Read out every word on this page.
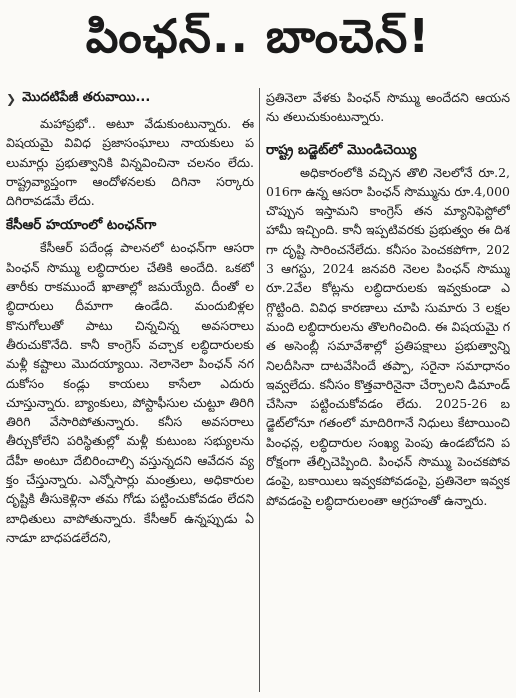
పింఛన్.. బాంచెన్!
❯ మొదటిపేజీ తరువాయి...

మహాప్రభో.. అటూ వేడుకుంటున్నారు. ఈ విషయమై వివిధ ప్రజాసంఘాలు నాయకులు పలుమార్లు ప్రభుత్వానికి విన్నవించినా చలనం లేదు. రాష్ట్రవ్యాప్తంగా ఆందోళనలకు దిగినా సర్కారు దిగిరావడమే లేదు.

కేసీఆర్ హయాంలో టంఛన్‌గా

కేసీఆర్ పదేండ్ల పాలనలో టంఛన్‌గా ఆసరా పింఛన్ సొమ్ము లబ్ధిదారుల చేతికి అందేది. ఒకటో తారీకు రాకముందే ఖాతాల్లో జమయ్యేది. దీంతో లబ్ధిదారులు దీమాగా ఉండేది. మందుబిళ్లల కొనుగోలుతో పాటు చిన్నచిన్న అవసరాలు తీరుచుకొనేది. కానీ కాంగ్రెస్ వచ్చాక లబ్ధిదారులకు మళ్లీ కష్టాలు మొదయ్యాయి. నెలానెలా పింఛన్ నగదుకోసం కండ్లు కాయలు కాసేలా ఎదురు చూస్తున్నారు. బ్యాంకులు, పోస్టాఫీసుల చుట్టూ తిరిగి తిరిగి వేసారిపోతున్నారు. కనీస అవసరాలు తీర్చుకోలేని పరిస్థితుల్లో మళ్లీ కుటుంబ సభ్యులను దేహీ అంటూ దేబిరించాల్సి వస్తున్నదని ఆవేదన వ్యక్తం చేస్తున్నారు. ఎన్నోసార్లు మంత్రులు, అధికారుల దృష్టికి తీసుకెళ్లినా తమ గోడు పట్టించుకోవడం లేదని బాధితులు వాపోతున్నారు. కేసీఆర్ ఉన్నప్పుడు ఏనాడూ బాధపడలేదని,

ప్రతినెలా వేళకు పింఛన్ సొమ్ము అందేదని ఆయనను తలుచుకుంటున్నారు.

రాష్ట్ర బడ్జెట్‌లో మొండిచెయ్యి

అధికారంలోకి వచ్చిన తొలి నెలలోనే రూ.2,016గా ఉన్న ఆసరా పింఛన్ సొమ్మును రూ.4,000 చొప్పున ఇస్తామని కాంగ్రెస్ తన మ్యానిఫెస్టోలో హామీ ఇచ్చింది. కానీ ఇప్పటివరకు ప్రభుత్వం ఈ దిశగా దృష్టి సారించనేలేదు. కనీసం పెంచకపోగా, 2023 ఆగస్టు, 2024 జనవరి నెలల పింఛన్ సొమ్ము రూ.2వేల కోట్లను లబ్ధిదారులకు ఇవ్వకుండా ఎగ్గొట్టింది. వివిధ కారణాలు చూపి సుమారు 3 లక్షల మంది లబ్ధిదారులను తొలగించింది. ఈ విషయమై గత అసెంబ్లీ సమావేశాల్లో ప్రతిపక్షాలు ప్రభుత్వాన్ని నిలదీసినా దాటవేసిందే తప్పా, సరైనా సమాధానం ఇవ్వలేదు. కనీసం కొత్తవారినైనా చేర్చాలని డిమాండ్ చేసినా పట్టించుకోవడం లేదు. 2025-26 బడ్జెట్‌లోనూ గతంలో మాదిరిగానే నిధులు కేటాయించి పింఛన్ల, లబ్ధిదారుల సంఖ్య పెంపు ఉండబోదని పరోక్షంగా తేల్చిచెప్పింది. పింఛన్ సొమ్ము పెంచకపోవడంపై, బకాయిలు ఇవ్వకపోవడంపై, ప్రతినెలా ఇవ్వకపోవడంపై లబ్ధిదారులంతా ఆగ్రహంతో ఉన్నారు.
